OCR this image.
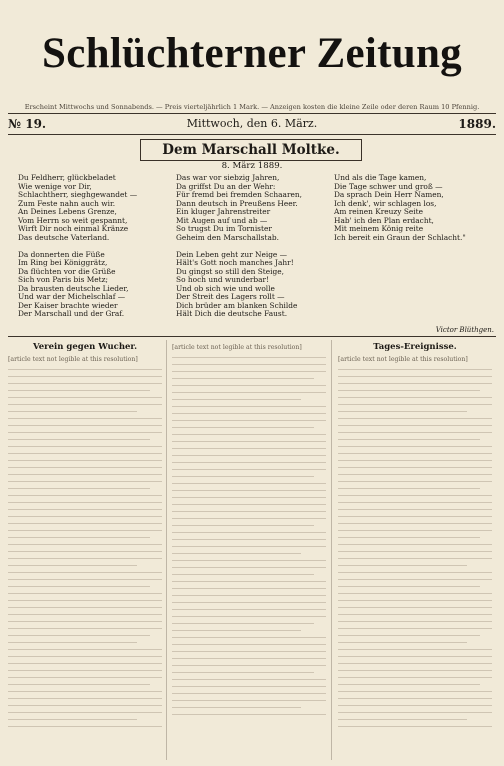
Schlüchterner Zeitung
Erscheint Mittwochs und Sonnabends. — Preis vierteljährlich 1 Mark. — Anzeigen kosten die kleine Zeile oder deren Raum 10 Pfennig.
№ 19.	Mittwoch, den 6. März.	1889.
Dem Marschall Moltke.
8. März 1889.
Du Feldherr, glückbeladet
Wie wenige vor Dir,
Schlachtherr, sieghgewandet —
Zum Feste nahn auch wir.
An Deines Lebens Grenze,
Vom Herrn so weit gespannt,
Wirft Dir noch einmal Kränze
Das deutsche Vaterland.

Da donnerten die Füße
Im Ring bei Königgrätz,
Da flüchten vor die Grüße
Sich von Paris bis Metz;
Da brausten deutsche Lieder,
Und war der Michelschlaf —
Der Kaiser brachte wieder
Der Marschall und der Graf.
Das war vor siebzig Jahren,
Da griffst Du an der Wehr:
Für fremd bei fremden Schaaren,
Dann deutsch in Preußens Heer.
Ein kluger Jahrenstreiter
Mit Augen auf und ab —
So trugst Du im Tornister
Geheim den Marschallstab.

Dein Leben geht zur Neige —
Hält's Gott noch manches Jahr!
Du gingst so still den Steige,
So hoch und wunderbar!
Und ob sich wie und wolle
Der Streit des Lagers rollt —
Dich brüder am blanken Schilde
Hält Dich die deutsche Faust.
Und als die Tage kamen,
Die Tage schwer und groß —
Da sprach Dein Herr Namen,
Ich denk', wir schlagen los,
Am reinen Kreuzy Seite
Hab' ich den Plan erdacht,
Mit meinem König reite
Ich bereit ein Graun der Schlacht."
Victor Blüthgen.
Verein gegen Wucher.
[article text not legible at this resolution]
[article text not legible at this resolution]	Tages-Ereignisse.
[article text not legible at this resolution]
